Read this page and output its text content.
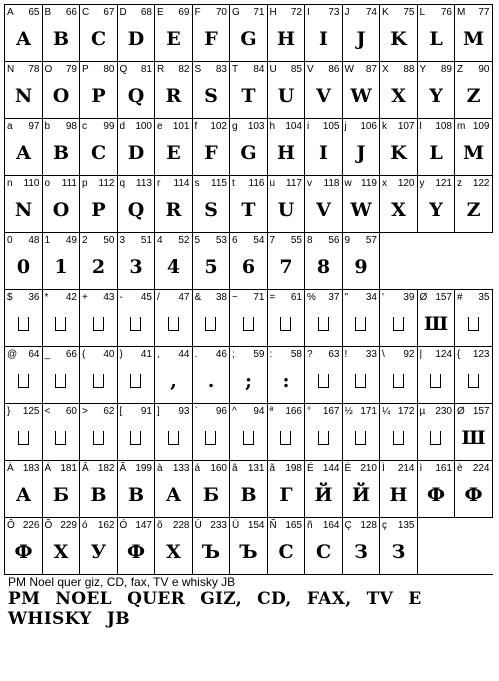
A 65
A
B 66
B
C 67
C
D 68
D
E 69
E
F 70
F
G 71
G
H 72
H
I 73
I
J 74
J
K 75
K
L 76
L
M 77
M
N 78
N
O 79
O
P 80
P
Q 81
Q
R 82
R
S 83
S
T 84
T
U 85
U
V 86
V
W 87
W
X 88
X
Y 89
Y
Z 90
Z
a 97
A
b 98
B
c 99
C
d 100
D
e 101
E
f 102
F
g 103
G
h 104
H
i 105
I
j 106
J
k 107
K
l 108
L
m 109
M
n 110
N
o 111
O
p 112
P
q 113
Q
r 114
R
s 115
S
t 116
T
u 117
U
v 118
V
w 119
W
x 120
X
y 121
Y
z 122
Z
0 48
0
1 49
1
2 50
2
3 51
3
4 52
4
5 53
5
6 54
6
7 55
7
8 56
8
9 57
9
$ 36 * 42 + 43 - 45 / 47 & 38 ~ 71 = 61 % 37 " 34 ' 39 Ø 157
Ш
# 35
@ 64 _ 66 ( 40 ) 41 , 44
,
. 46
.
; 59
;
: 58
:
? 63 ! 33 \ 92 | 124 { 123
} 125 < 60 > 62 [ 91 ] 93 ` 96 ^ 94 ª 166 ° 167 ½ 171 ¼ 172 µ 230 Ø 157
Ш
À 183
A
Á 181
Б
Â 182
B
Ã 199
B
à 133
A
á 160
Б
â 131
B
ã 198
Г
É 144
Й
È 210
Й
Ì 214
Н
ì 161
Ф
è 224
Ф
Ô 226
Ф
Õ 229
X
ó 162
У
Ó 147
Ф
õ 228
X
Ú 233
Ъ
Ü 154
Ъ
Ñ 165
C
ñ 164
C
Ç 128
З
ç 135
З
PM Noel quer giz, CD, fax, TV e whisky JB
PM NOEL QUER GIZ, CD, FAX, TV E WHISKY JB
